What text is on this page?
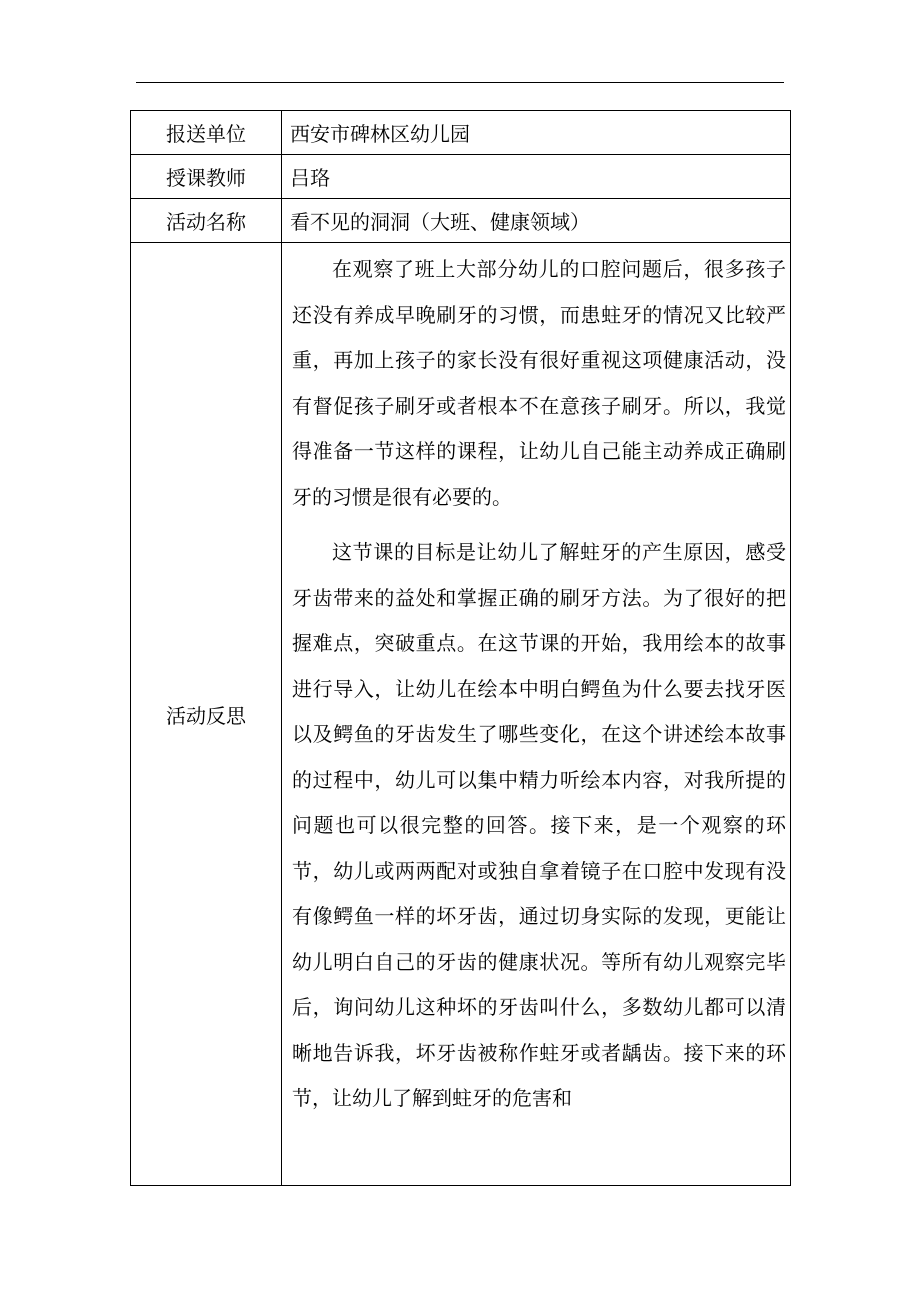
报送单位	西安市碑林区幼儿园
授课教师	吕珞
活动名称	看不见的洞洞（大班、健康领域）
活动反思	在观察了班上大部分幼儿的口腔问题后，很多孩子还没有养成早晚刷牙的习惯，而患蛀牙的情况又比较严重，再加上孩子的家长没有很好重视这项健康活动，没有督促孩子刷牙或者根本不在意孩子刷牙。所以，我觉得准备一节这样的课程，让幼儿自己能主动养成正确刷牙的习惯是很有必要的。

这节课的目标是让幼儿了解蛀牙的产生原因，感受牙齿带来的益处和掌握正确的刷牙方法。为了很好的把握难点，突破重点。在这节课的开始，我用绘本的故事进行导入，让幼儿在绘本中明白鳄鱼为什么要去找牙医以及鳄鱼的牙齿发生了哪些变化，在这个讲述绘本故事的过程中，幼儿可以集中精力听绘本内容，对我所提的问题也可以很完整的回答。接下来，是一个观察的环节，幼儿或两两配对或独自拿着镜子在口腔中发现有没有像鳄鱼一样的坏牙齿，通过切身实际的发现，更能让幼儿明白自己的牙齿的健康状况。等所有幼儿观察完毕后，询问幼儿这种坏的牙齿叫什么，多数幼儿都可以清晰地告诉我，坏牙齿被称作蛀牙或者龋齿。接下来的环节，让幼儿了解到蛀牙的危害和
